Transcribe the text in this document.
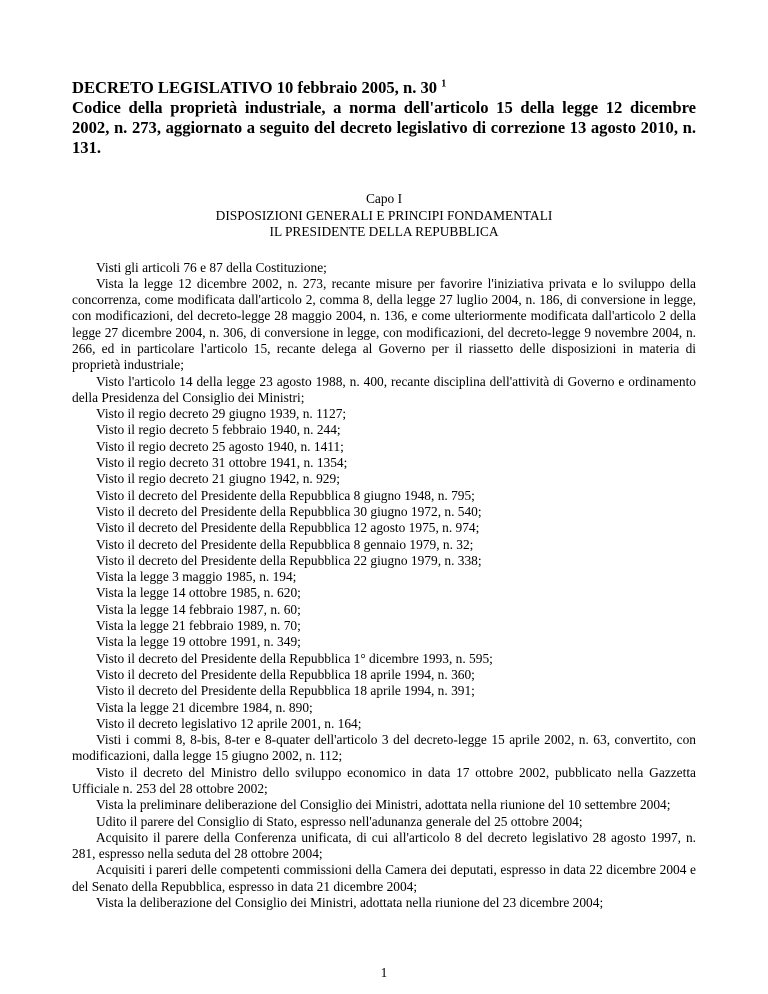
DECRETO LEGISLATIVO 10 febbraio 2005, n. 30 $^1$
Codice della proprietà industriale, a norma dell'articolo 15 della legge 12 dicembre 2002, n. 273, aggiornato a seguito del decreto legislativo di correzione 13 agosto 2010, n. 131.
Capo I
DISPOSIZIONI GENERALI E PRINCIPI FONDAMENTALI
IL PRESIDENTE DELLA REPUBBLICA

Visti gli articoli 76 e 87 della Costituzione;

Vista la legge 12 dicembre 2002, n. 273, recante misure per favorire l'iniziativa privata e lo sviluppo della concorrenza, come modificata dall'articolo 2, comma 8, della legge 27 luglio 2004, n. 186, di conversione in legge, con modificazioni, del decreto-legge 28 maggio 2004, n. 136, e come ulteriormente modificata dall'articolo 2 della legge 27 dicembre 2004, n. 306, di conversione in legge, con modificazioni, del decreto-legge 9 novembre 2004, n. 266, ed in particolare l'articolo 15, recante delega al Governo per il riassetto delle disposizioni in materia di proprietà industriale;

Visto l'articolo 14 della legge 23 agosto 1988, n. 400, recante disciplina dell'attività di Governo e ordinamento della Presidenza del Consiglio dei Ministri;

Visto il regio decreto 29 giugno 1939, n. 1127;

Visto il regio decreto 5 febbraio 1940, n. 244;

Visto il regio decreto 25 agosto 1940, n. 1411;

Visto il regio decreto 31 ottobre 1941, n. 1354;

Visto il regio decreto 21 giugno 1942, n. 929;

Visto il decreto del Presidente della Repubblica 8 giugno 1948, n. 795;

Visto il decreto del Presidente della Repubblica 30 giugno 1972, n. 540;

Visto il decreto del Presidente della Repubblica 12 agosto 1975, n. 974;

Visto il decreto del Presidente della Repubblica 8 gennaio 1979, n. 32;

Visto il decreto del Presidente della Repubblica 22 giugno 1979, n. 338;

Vista la legge 3 maggio 1985, n. 194;

Vista la legge 14 ottobre 1985, n. 620;

Vista la legge 14 febbraio 1987, n. 60;

Vista la legge 21 febbraio 1989, n. 70;

Vista la legge 19 ottobre 1991, n. 349;

Visto il decreto del Presidente della Repubblica 1° dicembre 1993, n. 595;

Visto il decreto del Presidente della Repubblica 18 aprile 1994, n. 360;

Visto il decreto del Presidente della Repubblica 18 aprile 1994, n. 391;

Vista la legge 21 dicembre 1984, n. 890;

Visto il decreto legislativo 12 aprile 2001, n. 164;

Visti i commi 8, 8-bis, 8-ter e 8-quater dell'articolo 3 del decreto-legge 15 aprile 2002, n. 63, convertito, con modificazioni, dalla legge 15 giugno 2002, n. 112;

Visto il decreto del Ministro dello sviluppo economico in data 17 ottobre 2002, pubblicato nella Gazzetta Ufficiale n. 253 del 28 ottobre 2002;

Vista la preliminare deliberazione del Consiglio dei Ministri, adottata nella riunione del 10 settembre 2004;

Udito il parere del Consiglio di Stato, espresso nell'adunanza generale del 25 ottobre 2004;

Acquisito il parere della Conferenza unificata, di cui all'articolo 8 del decreto legislativo 28 agosto 1997, n. 281, espresso nella seduta del 28 ottobre 2004;

Acquisiti i pareri delle competenti commissioni della Camera dei deputati, espresso in data 22 dicembre 2004 e del Senato della Repubblica, espresso in data 21 dicembre 2004;

Vista la deliberazione del Consiglio dei Ministri, adottata nella riunione del 23 dicembre 2004;

1
